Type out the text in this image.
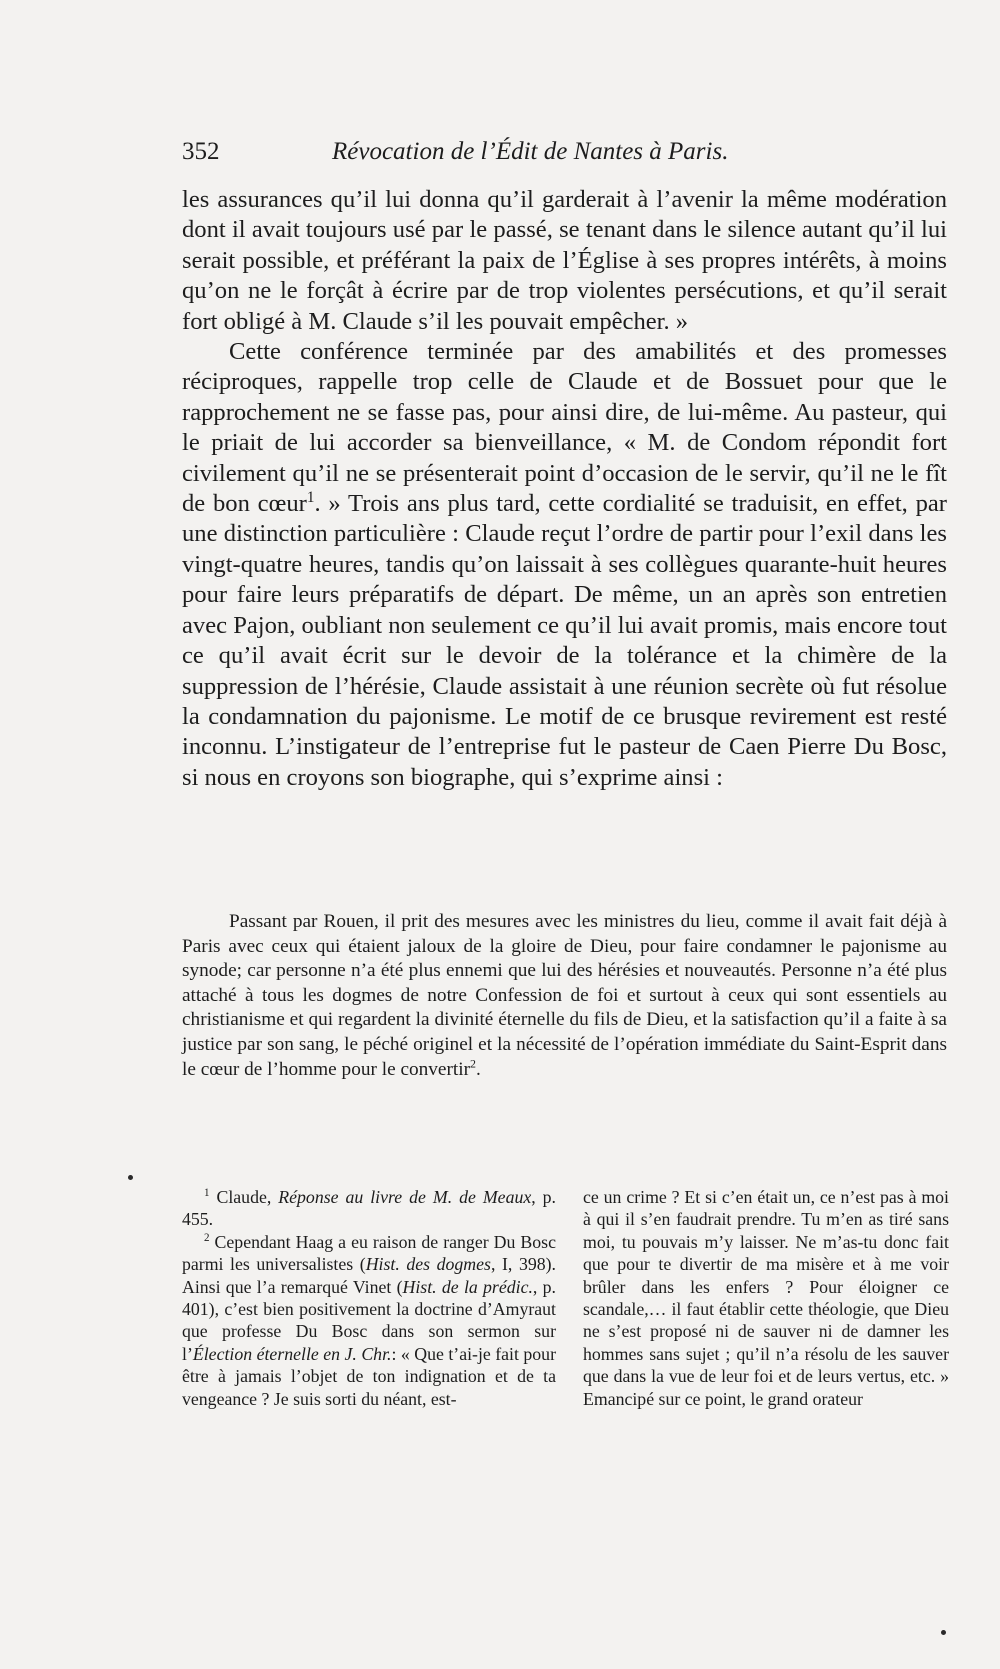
352	Révocation de l’Édit de Nantes à Paris.

les assurances qu’il lui donna qu’il garderait à l’avenir la même modération dont il avait toujours usé par le passé, se tenant dans le silence autant qu’il lui serait possible, et préférant la paix de l’Église à ses propres intérêts, à moins qu’on ne le forçât à écrire par de trop violentes persécutions, et qu’il serait fort obligé à M. Claude s’il les pouvait empêcher. »

Cette conférence terminée par des amabilités et des promesses réciproques, rappelle trop celle de Claude et de Bossuet pour que le rapprochement ne se fasse pas, pour ainsi dire, de lui-même. Au pasteur, qui le priait de lui accorder sa bienveillance, « M. de Condom répondit fort civilement qu’il ne se présenterait point d’occasion de le servir, qu’il ne le fît de bon cœur$^1$. » Trois ans plus tard, cette cordialité se traduisit, en effet, par une distinction particulière : Claude reçut l’ordre de partir pour l’exil dans les vingt-quatre heures, tandis qu’on laissait à ses collègues quarante-huit heures pour faire leurs préparatifs de départ. De même, un an après son entretien avec Pajon, oubliant non seulement ce qu’il lui avait promis, mais encore tout ce qu’il avait écrit sur le devoir de la tolérance et la chimère de la suppression de l’hérésie, Claude assistait à une réunion secrète où fut résolue la condamnation du pajonisme. Le motif de ce brusque revirement est resté inconnu. L’instigateur de l’entreprise fut le pasteur de Caen Pierre Du Bosc, si nous en croyons son biographe, qui s’exprime ainsi :

Passant par Rouen, il prit des mesures avec les ministres du lieu, comme il avait fait déjà à Paris avec ceux qui étaient jaloux de la gloire de Dieu, pour faire condamner le pajonisme au synode; car personne n’a été plus ennemi que lui des hérésies et nouveautés. Personne n’a été plus attaché à tous les dogmes de notre Confession de foi et surtout à ceux qui sont essentiels au christianisme et qui regardent la divinité éternelle du fils de Dieu, et la satisfaction qu’il a faite à sa justice par son sang, le péché originel et la nécessité de l’opération immédiate du Saint-Esprit dans le cœur de l’homme pour le convertir$^2$.

$^1$ Claude, Réponse au livre de M. de Meaux, p. 455.

$^2$ Cependant Haag a eu raison de ranger Du Bosc parmi les universalistes (Hist. des dogmes, I, 398). Ainsi que l’a remarqué Vinet (Hist. de la prédic., p. 401), c’est bien positivement la doctrine d’Amyraut que professe Du Bosc dans son sermon sur l’Élection éternelle en J. Chr.: « Que t’ai-je fait pour être à jamais l’objet de ton indignation et de ta vengeance ? Je suis sorti du néant, est-

ce un crime ? Et si c’en était un, ce n’est pas à moi à qui il s’en faudrait prendre. Tu m’en as tiré sans moi, tu pouvais m’y laisser. Ne m’as-tu donc fait que pour te divertir de ma misère et à me voir brûler dans les enfers ? Pour éloigner ce scandale,… il faut établir cette théologie, que Dieu ne s’est proposé ni de sauver ni de damner les hommes sans sujet ; qu’il n’a résolu de les sauver que dans la vue de leur foi et de leurs vertus, etc. » Emancipé sur ce point, le grand orateur
